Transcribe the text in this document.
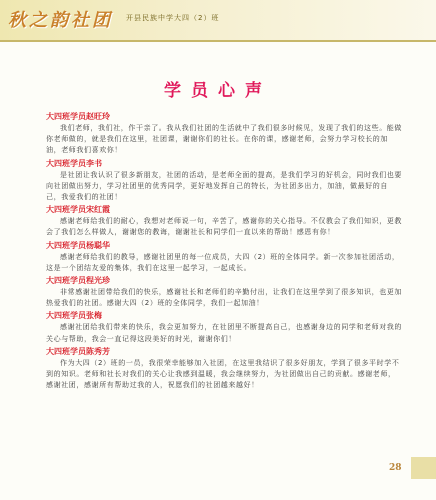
秋之韵社团 开县民族中学大四（2）班
学员心声
大四班学员赵旺玲
我们老师，我们社，作干亲了。我从我们社团的生活就中了我们很多时候见，发现了我们的这些。能做你老师做的，就是我们在这里，社团课，谢谢你们的社长。在你的课，感谢老师，会努力学习校长的加油，老师我们喜欢你！
大四班学员李书
是社团让我认识了很多新朋友，社团的活动，是老师全面的提高，是我们学习的好机会，同时我们也要向社团做出努力，学习社团里的优秀同学，更好地发挥自己的特长，为社团多出力，加油，做最好的自己，我爱我们的社团！
大四班学员宋红霞
感谢老师给我们的耐心，我想对老师说一句，辛苦了，感谢你的关心指导。不仅教会了我们知识，更教会了我们怎么样做人，谢谢您的教诲，谢谢社长和同学们一直以来的帮助！感恩有你！
大四班学员杨聪华
感谢老师给我们的教导，感谢社团里的每一位成员，大四（2）班的全体同学。新一次参加社团活动，这是一个团结友爱的集体，我们在这里一起学习，一起成长。
大四班学员程光珍
非常感谢社团带给我们的快乐，感谢社长和老师们的辛勤付出，让我们在这里学到了很多知识，也更加热爱我们的社团。感谢大四（2）班的全体同学，我们一起加油！
大四班学员张梅
感谢社团给我们带来的快乐，我会更加努力，在社团里不断提高自己，也感谢身边的同学和老师对我的关心与帮助，我会一直记得这段美好的时光，谢谢你们！
大四班学员陈秀芳
作为大四（2）班的一员，我很荣幸能够加入社团，在这里我结识了很多好朋友，学到了很多平时学不到的知识。老师和社长对我们的关心让我感到温暖，我会继续努力，为社团做出自己的贡献。感谢老师，感谢社团，感谢所有帮助过我的人，祝愿我们的社团越来越好！
28
